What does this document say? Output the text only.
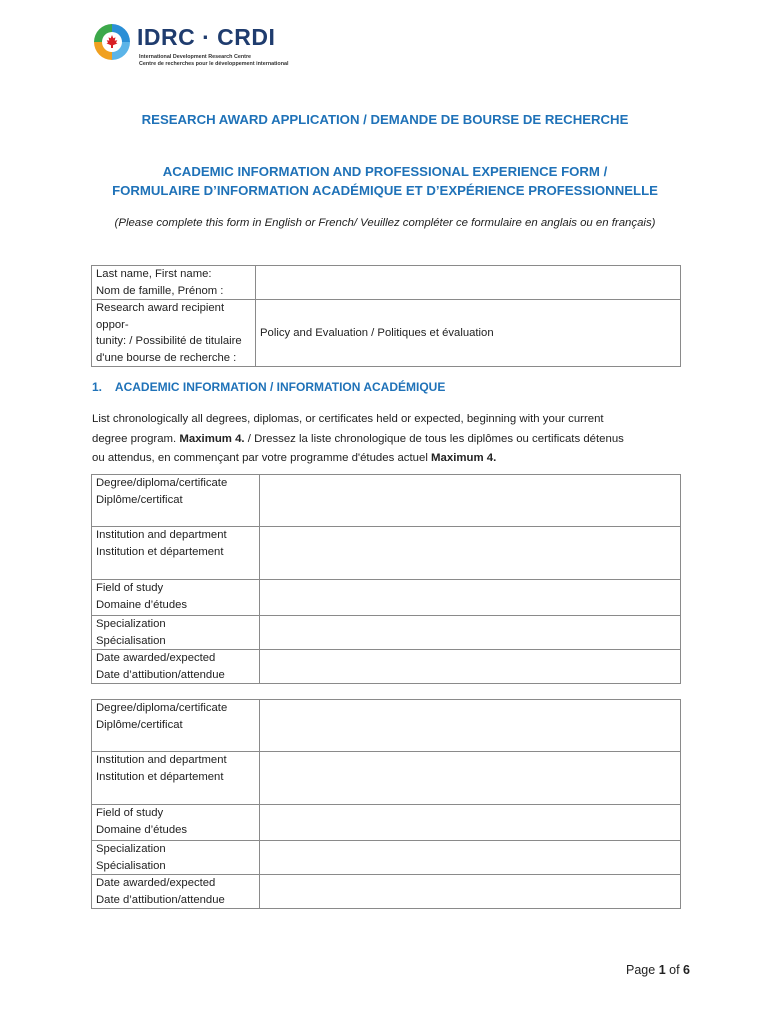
IDRC · CRDI
International Development Research Centre
Centre de recherches pour le développement international
RESEARCH AWARD APPLICATION / DEMANDE DE BOURSE DE RECHERCHE
ACADEMIC INFORMATION AND PROFESSIONAL EXPERIENCE FORM /
FORMULAIRE D’INFORMATION ACADÉMIQUE ET D’EXPÉRIENCE PROFESSIONNELLE
(Please complete this form in English or French/ Veuillez compléter ce formulaire en anglais ou en français)
Last name, First name:
Nom de famille, Prénom :	

Research award recipient oppor-
tunity: / Possibilité de titulaire
d'une bourse de recherche :	Policy and Evaluation / Politiques et évaluation
1.    ACADEMIC INFORMATION / INFORMATION ACADÉMIQUE
List chronologically all degrees, diplomas, or certificates held or expected, beginning with your current
degree program. Maximum 4. / Dressez la liste chronologique de tous les diplômes ou certificats détenus
ou attendus, en commençant par votre programme d'études actuel Maximum 4.
Degree/diploma/certificate
Diplôme/certificat	

Institution and department
Institution et département	

Field of study
Domaine d’études	

Specialization
Spécialisation	

Date awarded/expected
Date d’attibution/attendue	

Degree/diploma/certificate
Diplôme/certificat	

Institution and department
Institution et département	

Field of study
Domaine d’études	

Specialization
Spécialisation	

Date awarded/expected
Date d’attibution/attendue	

Page 1 of 6
